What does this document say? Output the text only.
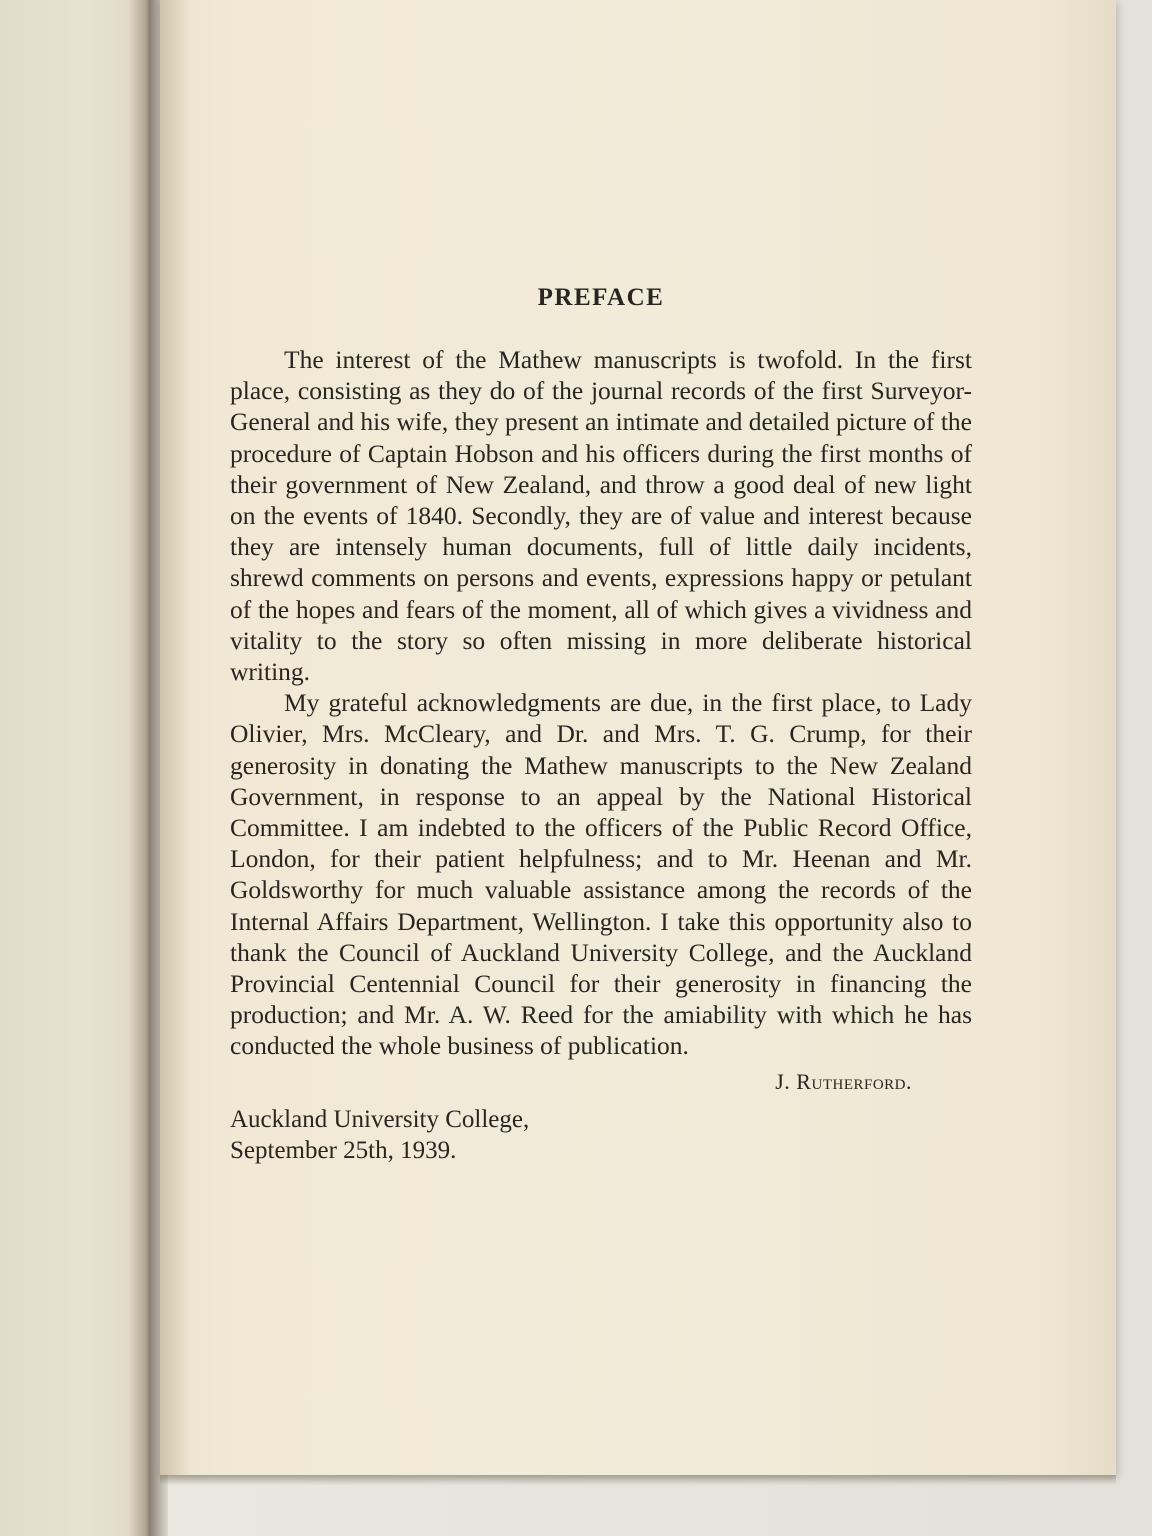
PREFACE

The interest of the Mathew manuscripts is twofold. In the first place, consisting as they do of the journal records of the first Surveyor-General and his wife, they present an intimate and detailed picture of the procedure of Captain Hobson and his officers during the first months of their government of New Zealand, and throw a good deal of new light on the events of 1840. Secondly, they are of value and interest because they are intensely human documents, full of little daily incidents, shrewd comments on persons and events, expressions happy or petulant of the hopes and fears of the moment, all of which gives a vividness and vitality to the story so often missing in more deliberate historical writing.

My grateful acknowledgments are due, in the first place, to Lady Olivier, Mrs. McCleary, and Dr. and Mrs. T. G. Crump, for their generosity in donating the Mathew manuscripts to the New Zealand Government, in response to an appeal by the National Historical Committee. I am indebted to the officers of the Public Record Office, London, for their patient helpfulness; and to Mr. Heenan and Mr. Goldsworthy for much valuable assistance among the records of the Internal Affairs Department, Wellington. I take this opportunity also to thank the Council of Auckland University College, and the Auckland Provincial Centennial Council for their generosity in financing the production; and Mr. A. W. Reed for the amiability with which he has conducted the whole business of publication.

J. Rutherford.
Auckland University College,
September 25th, 1939.
